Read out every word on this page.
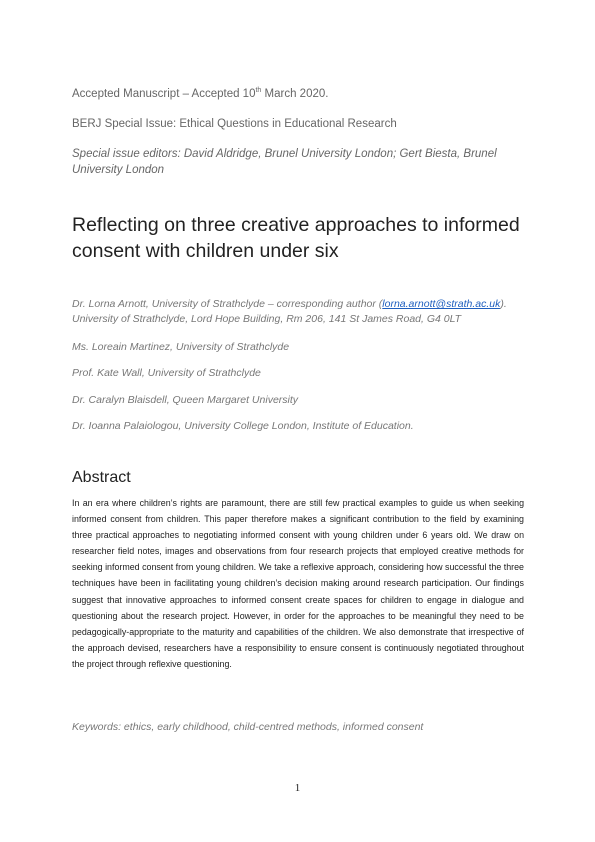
Accepted Manuscript – Accepted 10th March 2020.
BERJ Special Issue: Ethical Questions in Educational Research
Special issue editors: David Aldridge, Brunel University London; Gert Biesta, Brunel University London
Reflecting on three creative approaches to informed consent with children under six
Dr. Lorna Arnott, University of Strathclyde – corresponding author (lorna.arnott@strath.ac.uk).
University of Strathclyde, Lord Hope Building, Rm 206, 141 St James Road, G4 0LT
Ms. Loreain Martinez, University of Strathclyde
Prof. Kate Wall, University of Strathclyde
Dr. Caralyn Blaisdell, Queen Margaret University
Dr. Ioanna Palaiologou, University College London, Institute of Education.
Abstract

In an era where children’s rights are paramount, there are still few practical examples to guide us when seeking informed consent from children. This paper therefore makes a significant contribution to the field by examining three practical approaches to negotiating informed consent with young children under 6 years old. We draw on researcher field notes, images and observations from four research projects that employed creative methods for seeking informed consent from young children. We take a reflexive approach, considering how successful the three techniques have been in facilitating young children’s decision making around research participation. Our findings suggest that innovative approaches to informed consent create spaces for children to engage in dialogue and questioning about the research project. However, in order for the approaches to be meaningful they need to be pedagogically-appropriate to the maturity and capabilities of the children. We also demonstrate that irrespective of the approach devised, researchers have a responsibility to ensure consent is continuously negotiated throughout the project through reflexive questioning.

Keywords: ethics, early childhood, child-centred methods, informed consent
1
